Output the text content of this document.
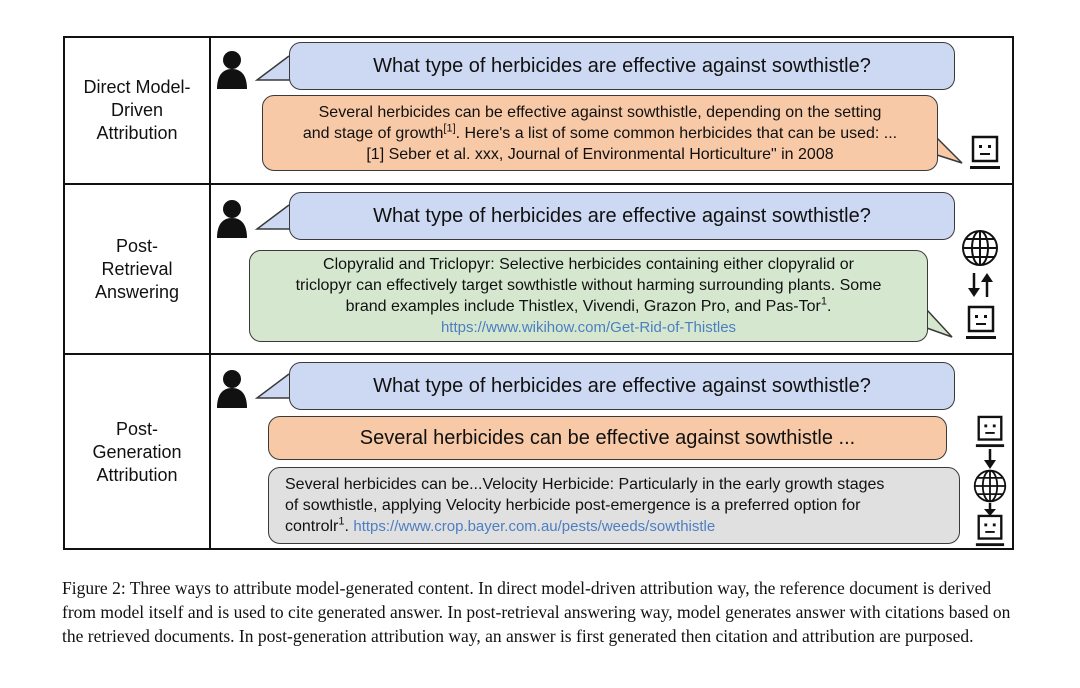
Direct Model-
Driven
Attribution
Post-
Retrieval
Answering
Post-
Generation
Attribution
What type of herbicides are effective against sowthistle?
Several herbicides can be effective against sowthistle, depending on the setting
and stage of growth[1]. Here's a list of some common herbicides that can be used: ...
[1] Seber et al. xxx, Journal of Environmental Horticulture" in 2008
What type of herbicides are effective against sowthistle?
Clopyralid and Triclopyr: Selective herbicides containing either clopyralid or
triclopyr can effectively target sowthistle without harming surrounding plants. Some
brand examples include Thistlex, Vivendi, Grazon Pro, and Pas-Tor$^1$.
https://www.wikihow.com/Get-Rid-of-Thistles
What type of herbicides are effective against sowthistle?
Several herbicides can be effective against sowthistle ...
Several herbicides can be...Velocity Herbicide: Particularly in the early growth stages
of sowthistle, applying Velocity herbicide post-emergence is a preferred option for
controlr$^1$. https://www.crop.bayer.com.au/pests/weeds/sowthistle
Figure 2: Three ways to attribute model-generated content. In direct model-driven attribution way, the reference document is derived from model itself and is used to cite generated answer. In post-retrieval answering way, model generates answer with citations based on the retrieved documents. In post-generation attribution way, an answer is first generated then citation and attribution are purposed.
